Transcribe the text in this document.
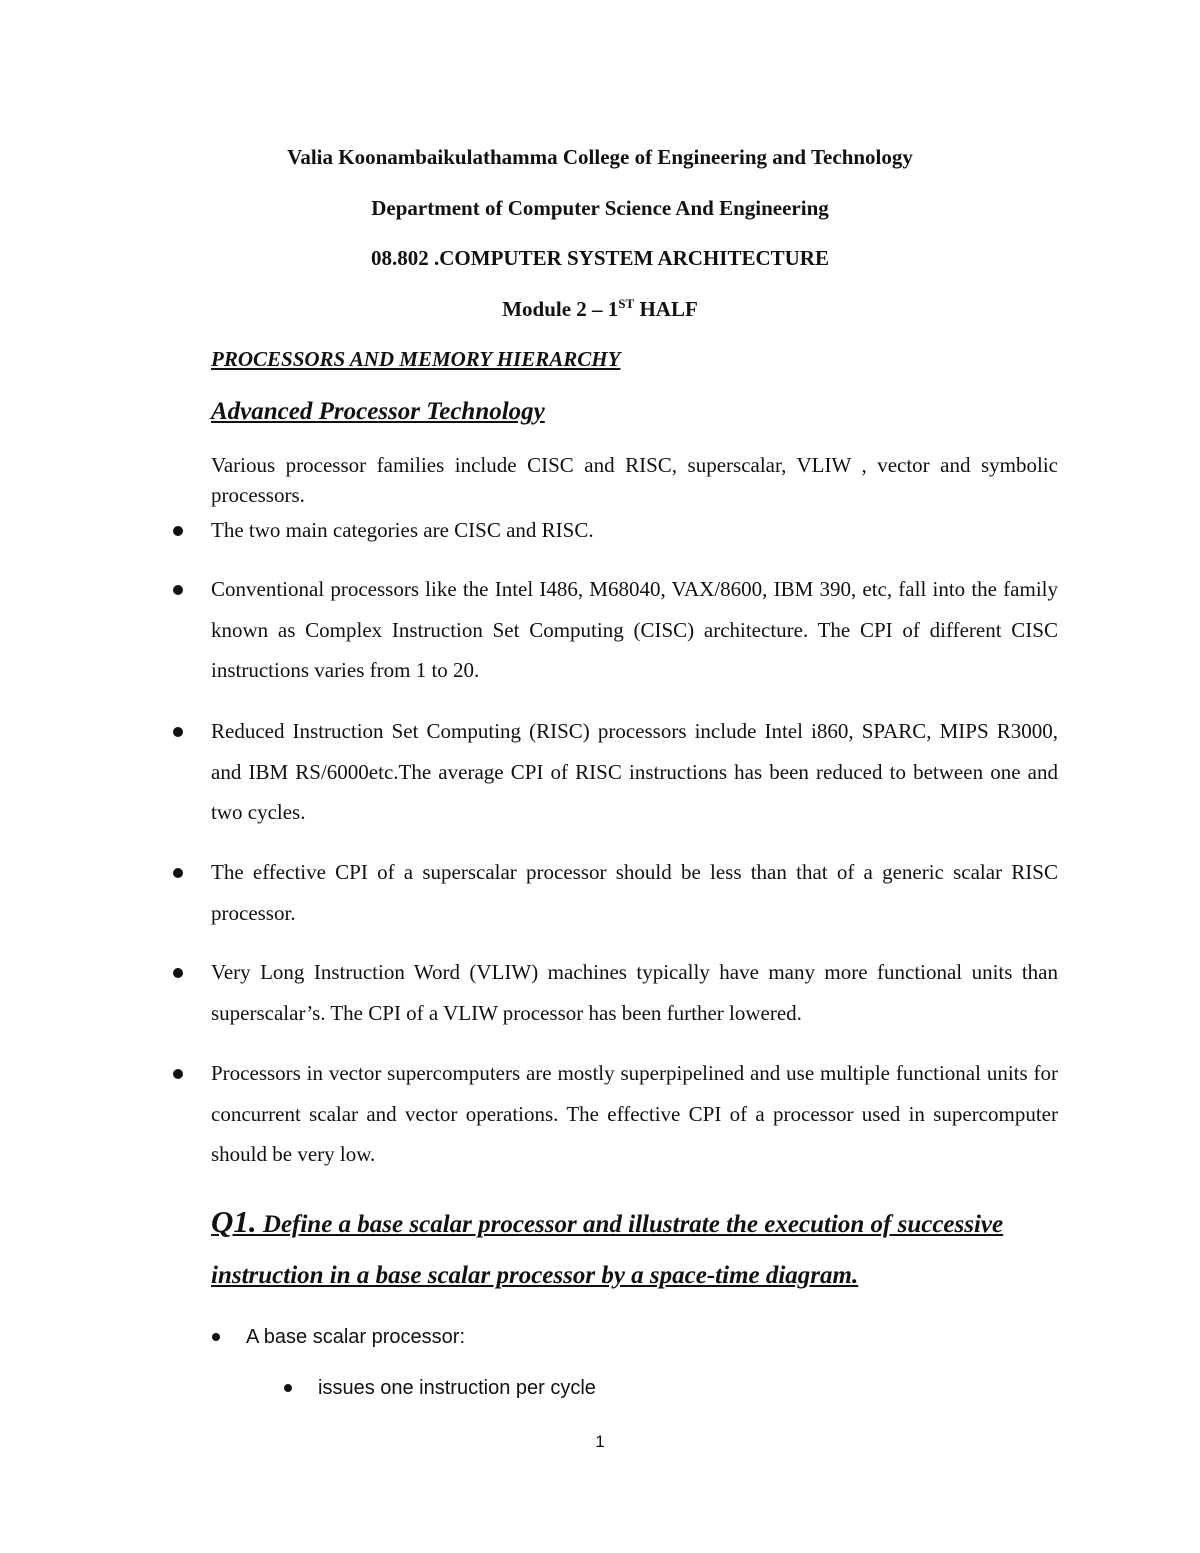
Valia Koonambaikulathamma College of Engineering and Technology

Department of Computer Science And Engineering

08.802 .COMPUTER SYSTEM ARCHITECTURE

Module 2 – 1ST HALF

PROCESSORS AND MEMORY HIERARCHY

Advanced Processor Technology

Various processor families include CISC and RISC, superscalar, VLIW , vector and symbolic processors.

The two main categories are CISC and RISC.

Conventional processors like the Intel I486, M68040, VAX/8600, IBM 390, etc, fall into the family known as Complex Instruction Set Computing (CISC) architecture. The CPI of different CISC instructions varies from 1 to 20.

Reduced Instruction Set Computing (RISC) processors include Intel i860, SPARC, MIPS R3000, and IBM RS/6000etc.The average CPI of RISC instructions has been reduced to between one and two cycles.

The effective CPI of a superscalar processor should be less than that of a generic scalar RISC processor.

Very Long Instruction Word (VLIW) machines typically have many more functional units than superscalar’s. The CPI of a VLIW processor has been further lowered.

Processors in vector supercomputers are mostly superpipelined and use multiple functional units for concurrent scalar and vector operations. The effective CPI of a processor used in supercomputer should be very low.

Q1. Define a base scalar processor and illustrate the execution of successive instruction in a base scalar processor by a space-time diagram.

A base scalar processor:

issues one instruction per cycle

1
